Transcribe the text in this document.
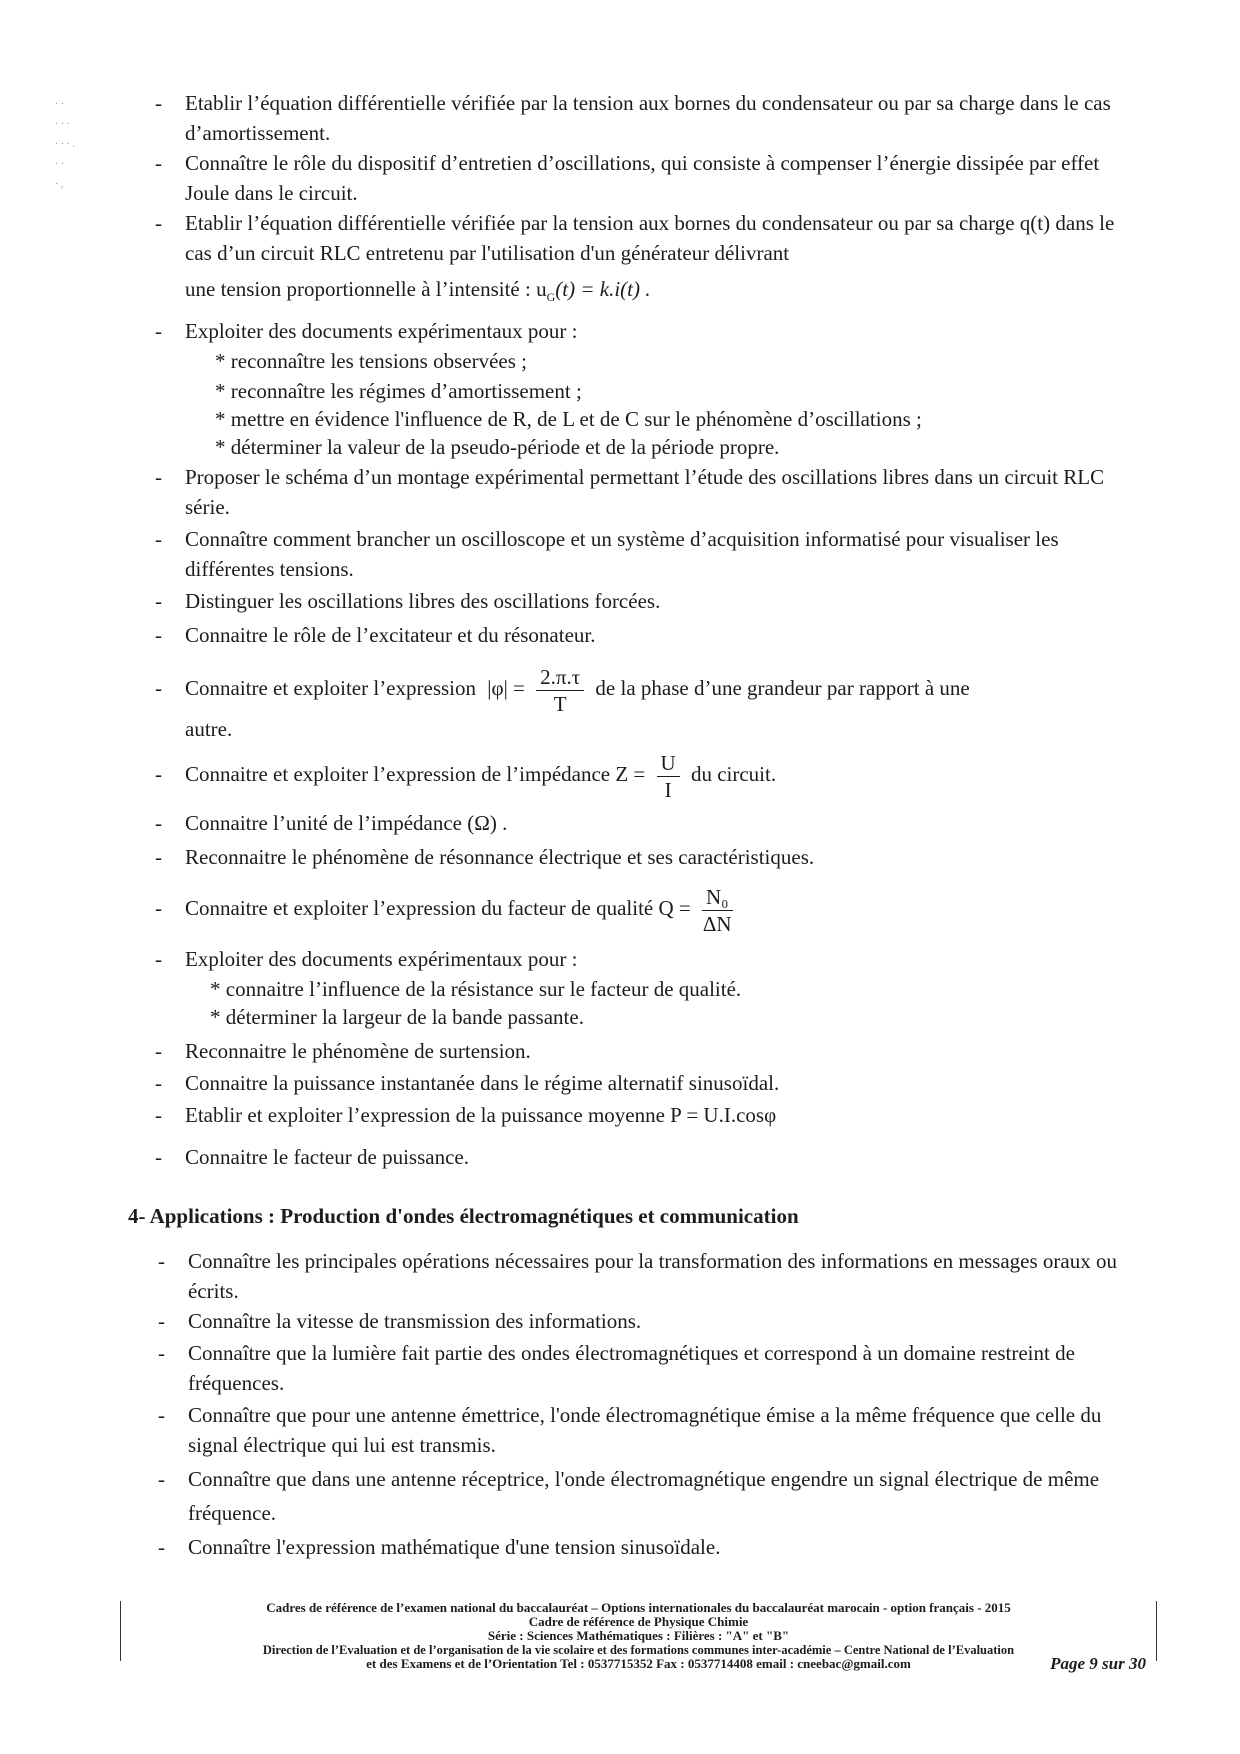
· ·
· · ·
· · · .
· ·
· ,
- Etablir l’équation différentielle vérifiée par la tension aux bornes du condensateur ou par sa charge dans le cas d’amortissement.
- Connaître le rôle du dispositif d’entretien d’oscillations, qui consiste à compenser l’énergie dissipée par effet Joule dans le circuit.
- Etablir l’équation différentielle vérifiée par la tension aux bornes du condensateur ou par sa charge q(t) dans le cas d’un circuit RLC entretenu par l'utilisation d'un générateur délivrant
une tension proportionnelle à l’intensité : $u_G(t) = k.i(t)$ .
- Exploiter des documents expérimentaux pour :
* reconnaître les tensions observées ;
* reconnaître les régimes d’amortissement ;
* mettre en évidence l'influence de R, de L et de C sur le phénomène d’oscillations ;
* déterminer la valeur de la pseudo-période et de la période propre.
- Proposer le schéma d’un montage expérimental permettant l’étude des oscillations libres dans un circuit RLC série.
- Connaître comment brancher un oscilloscope et un système d’acquisition informatisé pour visualiser les différentes tensions.
- Distinguer les oscillations libres des oscillations forcées.
- Connaitre le rôle de l’excitateur et du résonateur.
- Connaitre et exploiter l’expression $|\varphi| = \frac{2.\pi.\tau}{T}$ de la phase d’une grandeur par rapport à une
autre.
- Connaitre et exploiter l’expression de l’impédance $Z = \frac{U}{I}$ du circuit.
- Connaitre l’unité de l’impédance (Ω) .
- Reconnaitre le phénomène de résonnance électrique et ses caractéristiques.
- Connaitre et exploiter l’expression du facteur de qualité $Q = \frac{\text{N₀}}{\Delta N}$
- Exploiter des documents expérimentaux pour :
* connaitre l’influence de la résistance sur le facteur de qualité.
* déterminer la largeur de la bande passante.
- Reconnaitre le phénomène de surtension.
- Connaitre la puissance instantanée dans le régime alternatif sinusoïdal.
- Etablir et exploiter l’expression de la puissance moyenne P = U.I.cosφ
- Connaitre le facteur de puissance.
4- Applications : Production d'ondes électromagnétiques et communication
- Connaître les principales opérations nécessaires pour la transformation des informations en messages oraux ou écrits.
- Connaître la vitesse de transmission des informations.
- Connaître que la lumière fait partie des ondes électromagnétiques et correspond à un domaine restreint de fréquences.
- Connaître que pour une antenne émettrice, l'onde électromagnétique émise a la même fréquence que celle du signal électrique qui lui est transmis.
- Connaître que dans une antenne réceptrice, l'onde électromagnétique engendre un signal électrique de même fréquence.
- Connaître l'expression mathématique d'une tension sinusoïdale.
Cadres de référence de l’examen national du baccalauréat – Options internationales du baccalauréat marocain - option français - 2015
Cadre de référence de Physique Chimie
Série : Sciences Mathématiques : Filières : "A" et "B"
Direction de l’Evaluation et de l’organisation de la vie scolaire et des formations communes inter-académie – Centre National de l’Evaluation
et des Examens et de l’Orientation Tel : 0537715352 Fax : 0537714408 email : cneebac@gmail.com	Page 9 sur 30
